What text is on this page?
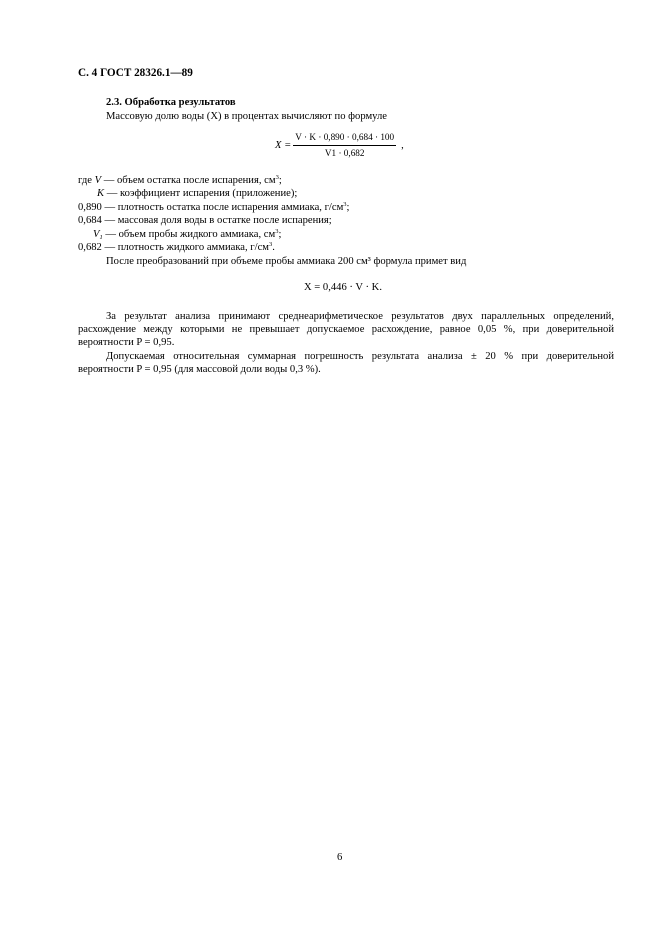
С. 4 ГОСТ 28326.1—89
2.3. Обработка результатов
Массовую долю воды (X) в процентах вычисляют по формуле
$X = \frac{V \cdot K \cdot 0,890 \cdot 0,684 \cdot 100}{V1 \cdot 0,682}$ ,
где V — объем остатка после испарения, $см^3$;
K — коэффициент испарения (приложение);
0,890 — плотность остатка после испарения аммиака, $г/см^3$;
0,684 — массовая доля воды в остатке после испарения;
$V_1$ — объем пробы жидкого аммиака, $см^3$;
0,682 — плотность жидкого аммиака, $г/см^3$.
После преобразований при объеме пробы аммиака 200 см³ формула примет вид
X = 0,446 · V · K.
За результат анализа принимают среднеарифметическое результатов двух параллельных определений, расхождение между которыми не превышает допускаемое расхождение, равное 0,05 %, при доверительной вероятности P = 0,95.
Допускаемая относительная суммарная погрешность результата анализа ± 20 % при доверительной вероятности P = 0,95 (для массовой доли воды 0,3 %).
6
